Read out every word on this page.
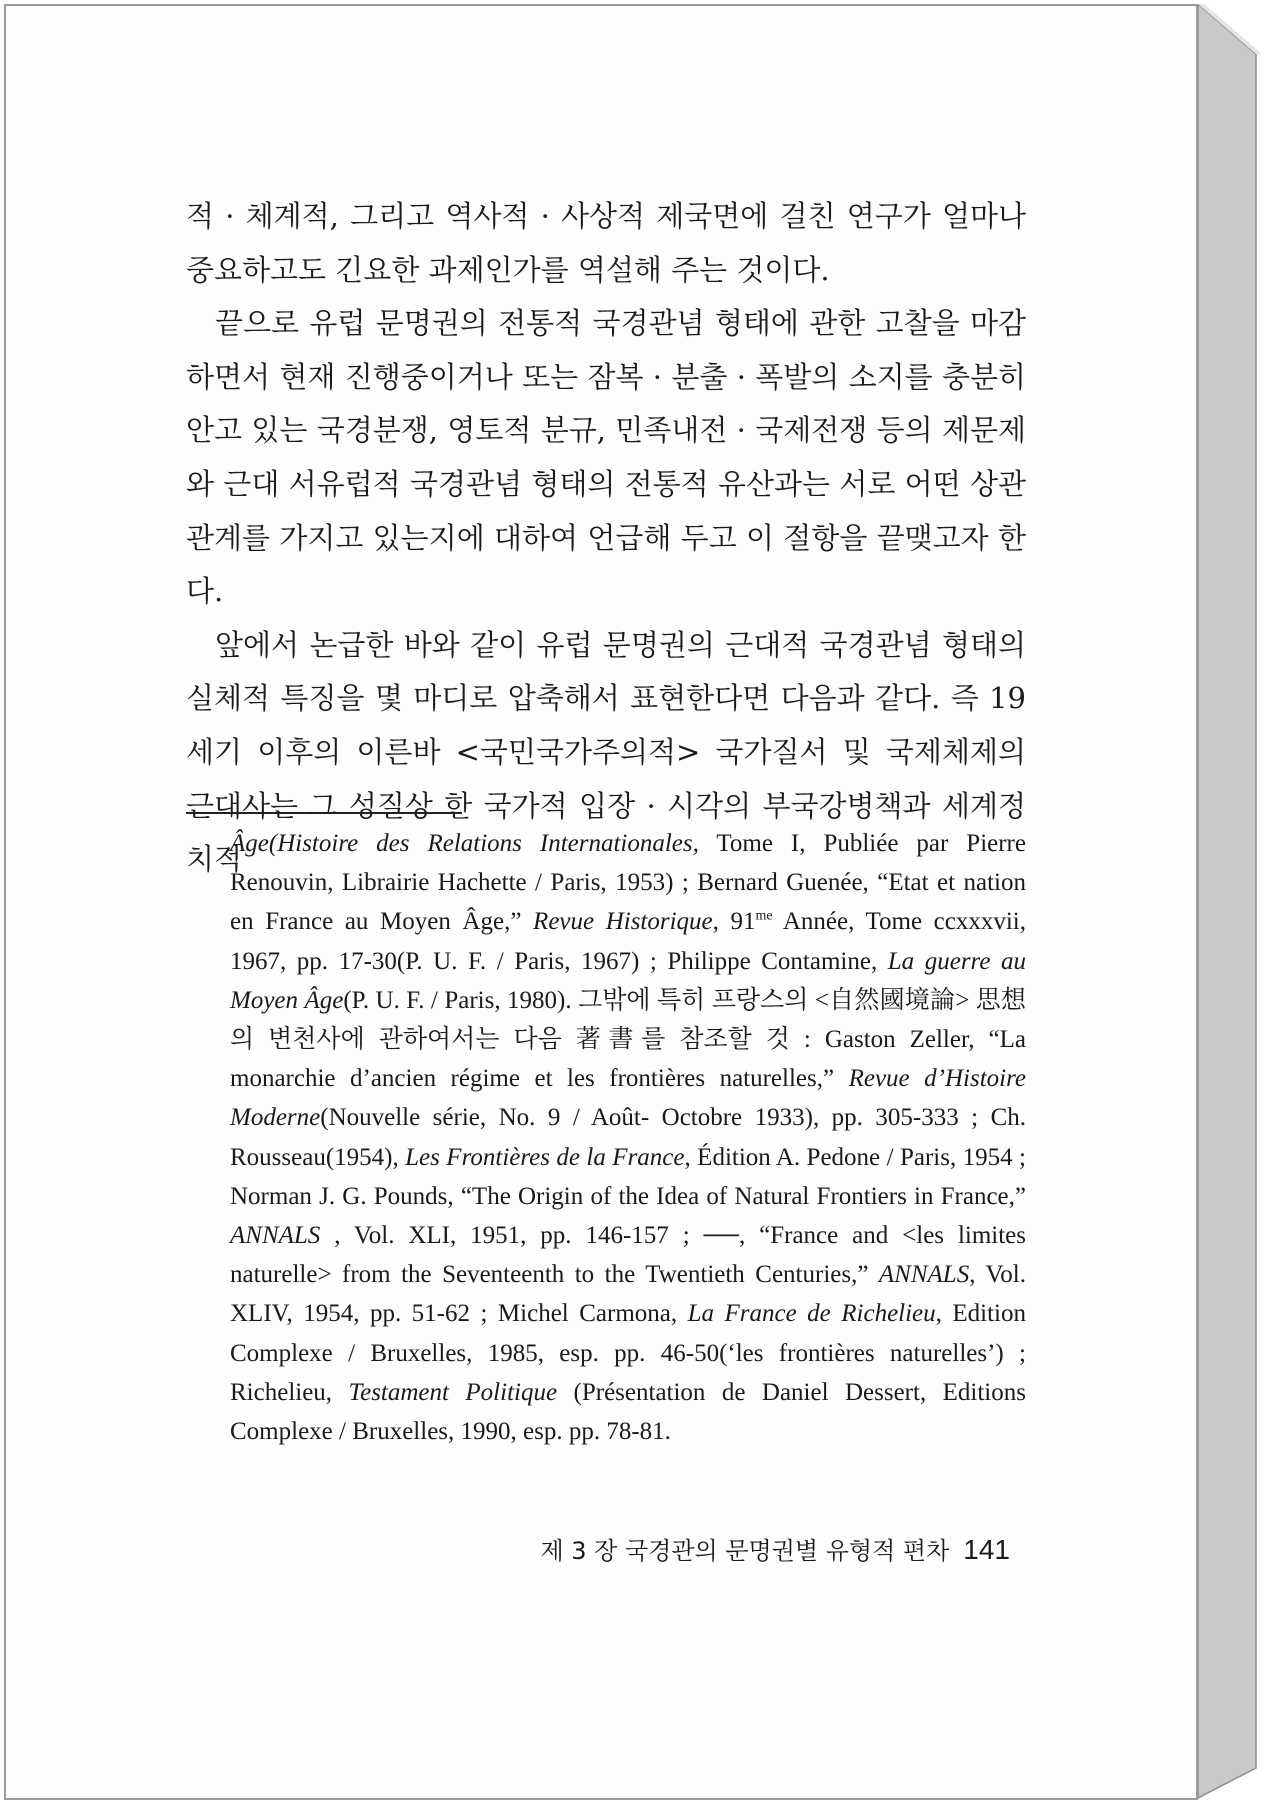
적 · 체계적, 그리고 역사적 · 사상적 제국면에 걸친 연구가 얼마나 중요하고도 긴요한 과제인가를 역설해 주는 것이다.

끝으로 유럽 문명권의 전통적 국경관념 형태에 관한 고찰을 마감하면서 현재 진행중이거나 또는 잠복 · 분출 · 폭발의 소지를 충분히 안고 있는 국경분쟁, 영토적 분규, 민족내전 · 국제전쟁 등의 제문제와 근대 서유럽적 국경관념 형태의 전통적 유산과는 서로 어떤 상관관계를 가지고 있는지에 대하여 언급해 두고 이 절항을 끝맺고자 한다.

앞에서 논급한 바와 같이 유럽 문명권의 근대적 국경관념 형태의 실체적 특징을 몇 마디로 압축해서 표현한다면 다음과 같다. 즉 19세기 이후의 이른바 <국민국가주의적> 국가질서 및 국제체제의 근대사는 그 성질상 한 국가적 입장 · 시각의 부국강병책과 세계정치적

Âge(Histoire des Relations Internationales, Tome I, Publiée par Pierre Renouvin, Librairie Hachette / Paris, 1953) ; Bernard Guenée, “Etat et nation en France au Moyen Âge,” Revue Historique, $91^{me}$ Année, Tome ccxxxvii, 1967, pp. 17-30(P. U. F. / Paris, 1967) ; Philippe Contamine, La guerre au Moyen Âge(P. U. F. / Paris, 1980). 그밖에 특히 프랑스의 <自然國境論> 思想의 변천사에 관하여서는 다음 著書를 참조할 것 : Gaston Zeller, “La monarchie d’ancien régime et les frontières naturelles,” Revue d’Histoire Moderne(Nouvelle série, No. 9 / Août- Octobre 1933), pp. 305-333 ; Ch. Rousseau(1954), Les Frontières de la France, Édition A. Pedone / Paris, 1954 ; Norman J. G. Pounds, “The Origin of the Idea of Natural Frontiers in France,” ANNALS , Vol. XLI, 1951, pp. 146-157 ; ──, “France and <les limites naturelle> from the Seventeenth to the Twentieth Centuries,” ANNALS, Vol. XLIV, 1954, pp. 51-62 ; Michel Carmona, La France de Richelieu, Edition Complexe / Bruxelles, 1985, esp. pp. 46-50(‘les frontières naturelles’) ; Richelieu, Testament Politique (Présentation de Daniel Dessert, Editions Complexe / Bruxelles, 1990, esp. pp. 78-81.
제 3 장 국경관의 문명권별 유형적 편차 141
